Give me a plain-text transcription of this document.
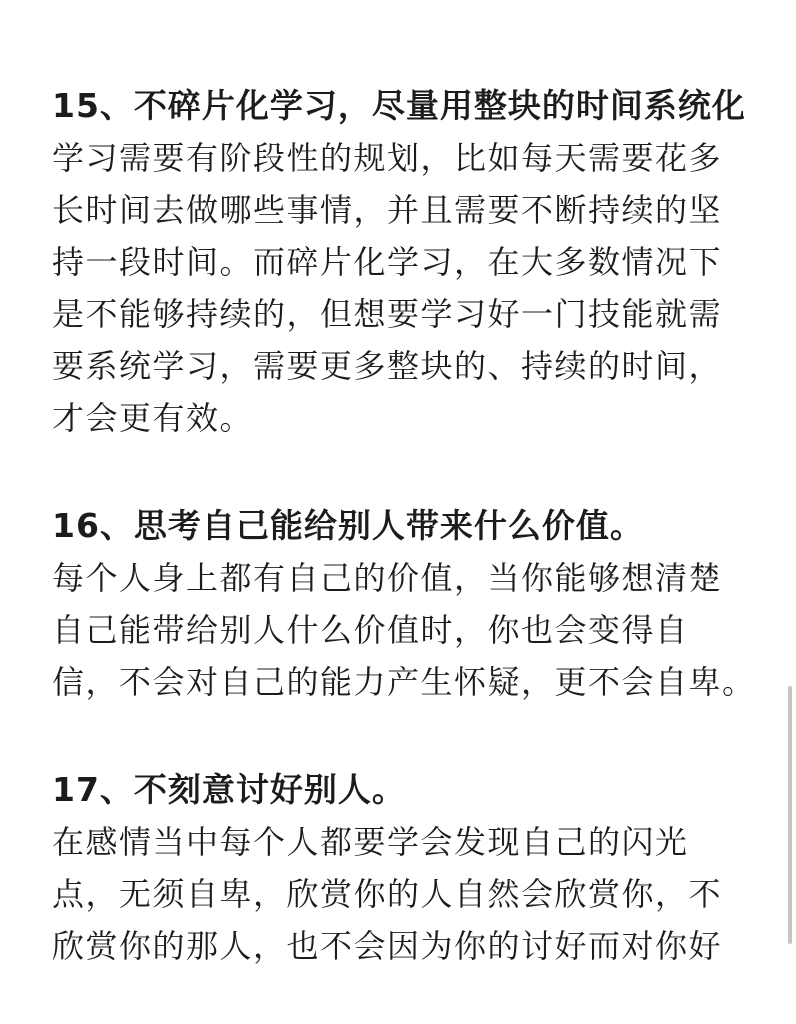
15、不碎片化学习，尽量用整块的时间系统化

学习需要有阶段性的规划，比如每天需要花多

长时间去做哪些事情，并且需要不断持续的坚

持一段时间。而碎片化学习，在大多数情况下

是不能够持续的，但想要学习好一门技能就需

要系统学习，需要更多整块的、持续的时间，

才会更有效。

16、思考自己能给别人带来什么价值。

每个人身上都有自己的价值，当你能够想清楚

自己能带给别人什么价值时，你也会变得自

信，不会对自己的能力产生怀疑，更不会自卑。

17、不刻意讨好别人。

在感情当中每个人都要学会发现自己的闪光

点，无须自卑，欣赏你的人自然会欣赏你，不

欣赏你的那人，也不会因为你的讨好而对你好
